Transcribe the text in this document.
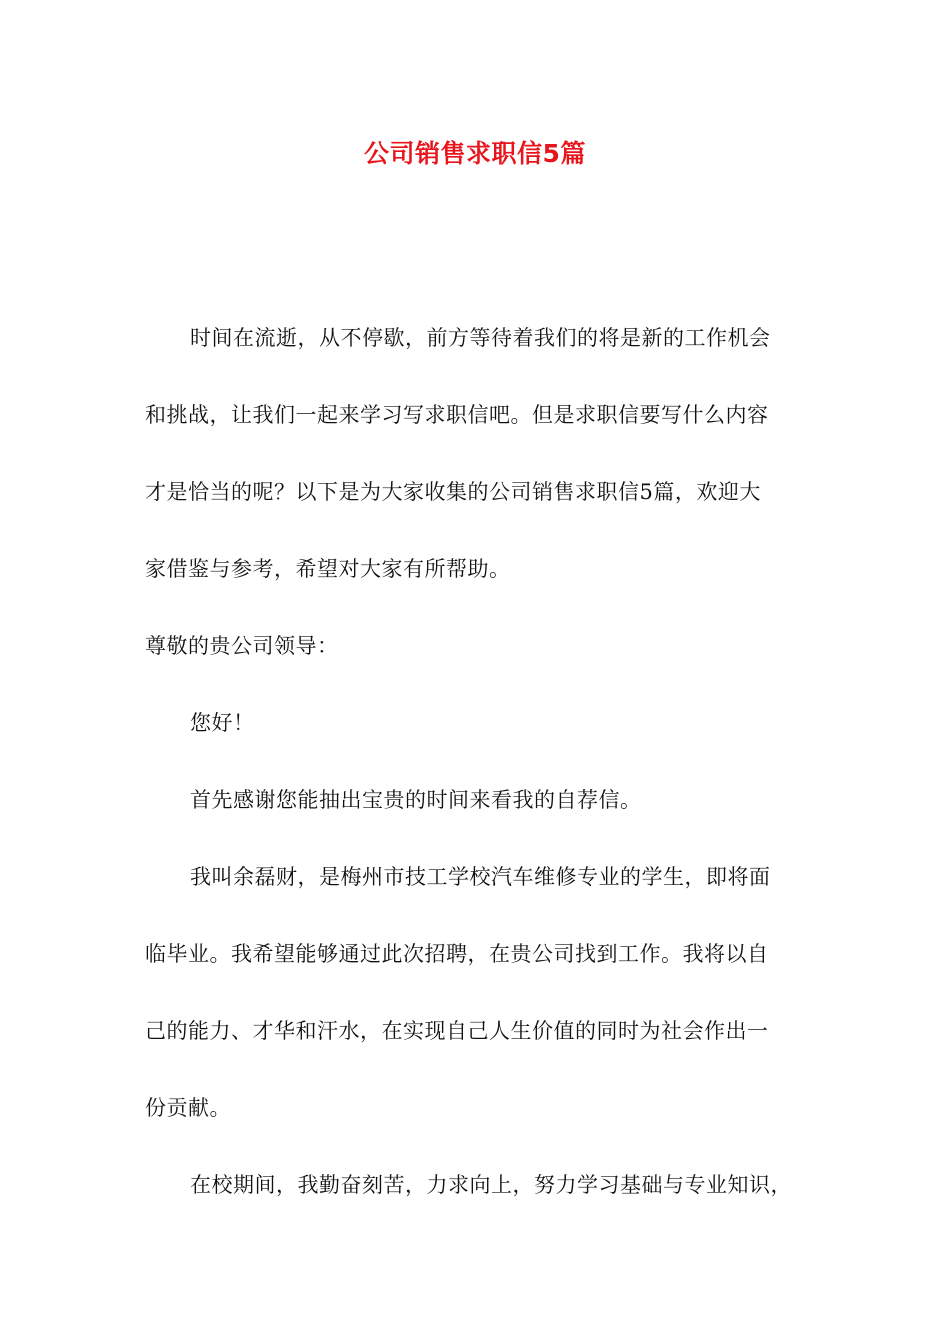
公司销售求职信5篇
时间在流逝，从不停歇，前方等待着我们的将是新的工作机会
和挑战，让我们一起来学习写求职信吧。但是求职信要写什么内容
才是恰当的呢？以下是为大家收集的公司销售求职信5篇，欢迎大
家借鉴与参考，希望对大家有所帮助。
尊敬的贵公司领导：
您好！
首先感谢您能抽出宝贵的时间来看我的自荐信。
我叫余磊财，是梅州市技工学校汽车维修专业的学生，即将面
临毕业。我希望能够通过此次招聘，在贵公司找到工作。我将以自
己的能力、才华和汗水，在实现自己人生价值的同时为社会作出一
份贡献。
在校期间，我勤奋刻苦，力求向上，努力学习基础与专业知识，
